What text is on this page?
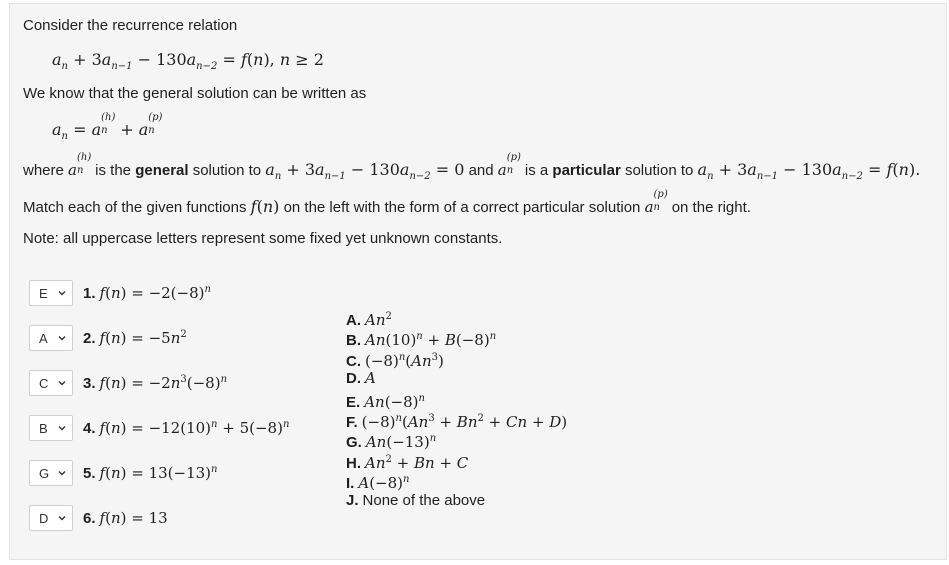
Consider the recurrence relation
$a_n + 3a_{n-1} - 130a_{n-2} = f(n)$, n ≥ 2
We know that the general solution can be written as
$a_n = a$
(h)
n + a
(p)
n
where a
(h)
n is the general solution to $a_n + 3a_{n-1} - 130a_{n-2} = 0$ and a
(p)
n is a particular solution to $a_n + 3a_{n-1} - 130a_{n-2} = f(n)$.
Match each of the given functions f(n) on the left with the form of a correct particular solution a
(p)
n on the right.
Note: all uppercase letters represent some fixed yet unknown constants.
E 1. $f(n) = -2(-8)^n$
A 2. $f(n) = -5n^2$
C 3. $f(n) = -2n^3(-8)^n$
B 4. $f(n) = -12(10)^n + 5(-8)^n$
G 5. $f(n) = 13(-13)^n$
D 6. f(n) = 13
A. An$^2$
B. $An(10)^n + B(-8)^n$
C. $(-8)^n(An^3)$
D. A
E. $An(-8)^n$
F. $(-8)^n(An^3 + Bn^2 + Cn + D)$
G. $An(-13)^n$
H. $An^2 + Bn + C$
I. $A(-8)^n$
J. None of the above
